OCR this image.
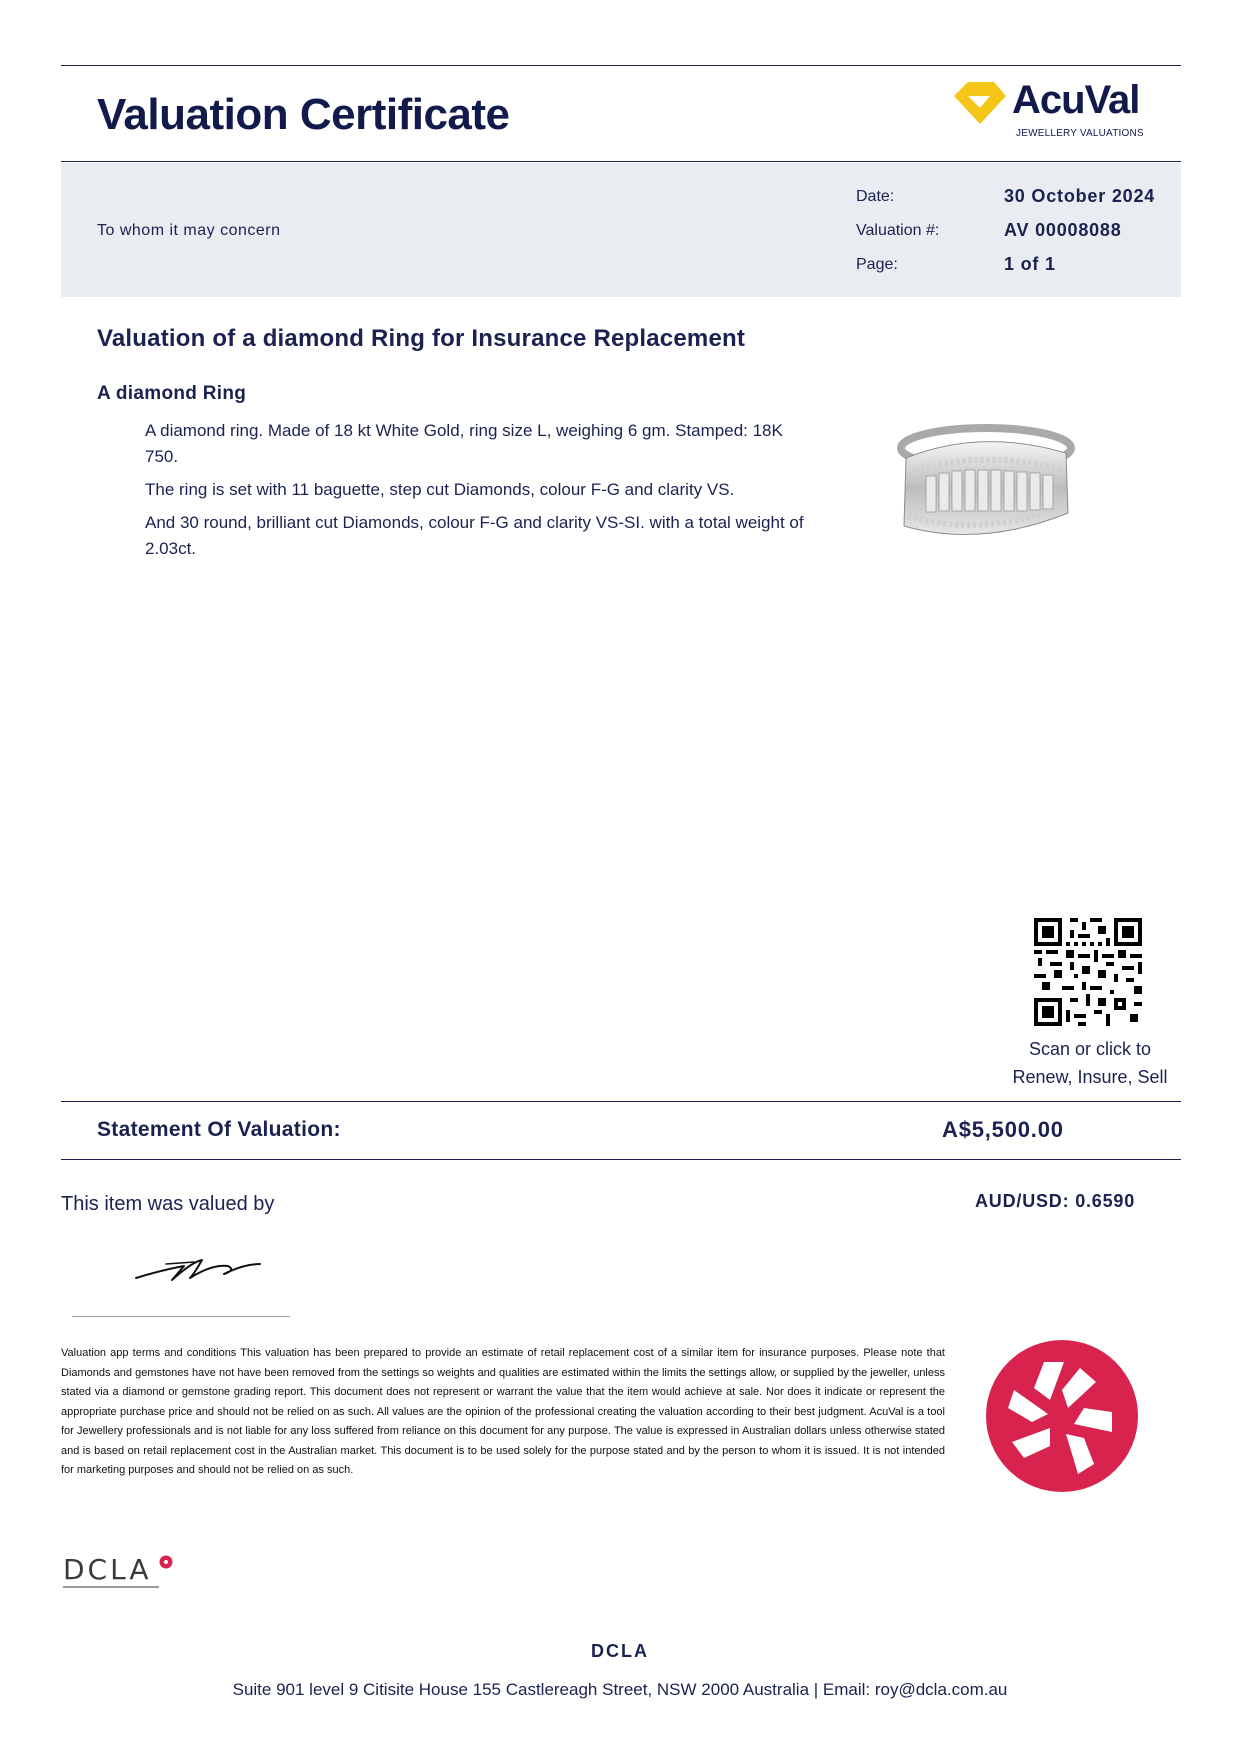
Valuation Certificate	AcuVal
JEWELLERY VALUATIONS
To whom it may concern
Date:	30 October 2024
Valuation #:	AV 00008088
Page:	1 of 1
Valuation of a diamond Ring for Insurance Replacement
A diamond Ring

A diamond ring. Made of 18 kt White Gold, ring size L, weighing 6 gm. Stamped: 18K 750.

The ring is set with 11 baguette, step cut Diamonds, colour F-G and clarity VS.

And 30 round, brilliant cut Diamonds, colour F-G and clarity VS-SI. with a total weight of 2.03ct.

Scan or click to
Renew, Insure, Sell
Statement Of Valuation:	A$5,500.00
This item was valued by	AUD/USD: 0.6590
Valuation app terms and conditions This valuation has been prepared to provide an estimate of retail replacement cost of a similar item for insurance purposes. Please note that Diamonds and gemstones have not have been removed from the settings so weights and qualities are estimated within the limits the settings allow, or supplied by the jeweller, unless stated via a diamond or gemstone grading report. This document does not represent or warrant the value that the item would achieve at sale. Nor does it indicate or represent the appropriate purchase price and should not be relied on as such. All values are the opinion of the professional creating the valuation according to their best judgment. AcuVal is a tool for Jewellery professionals and is not liable for any loss suffered from reliance on this document for any purpose. The value is expressed in Australian dollars unless otherwise stated and is based on retail replacement cost in the Australian market. This document is to be used solely for the purpose stated and by the person to whom it is issued. It is not intended for marketing purposes and should not be relied on as such.
DCLA
DCLA
Suite 901 level 9 Citisite House 155 Castlereagh Street, NSW 2000 Australia | Email: roy@dcla.com.au
